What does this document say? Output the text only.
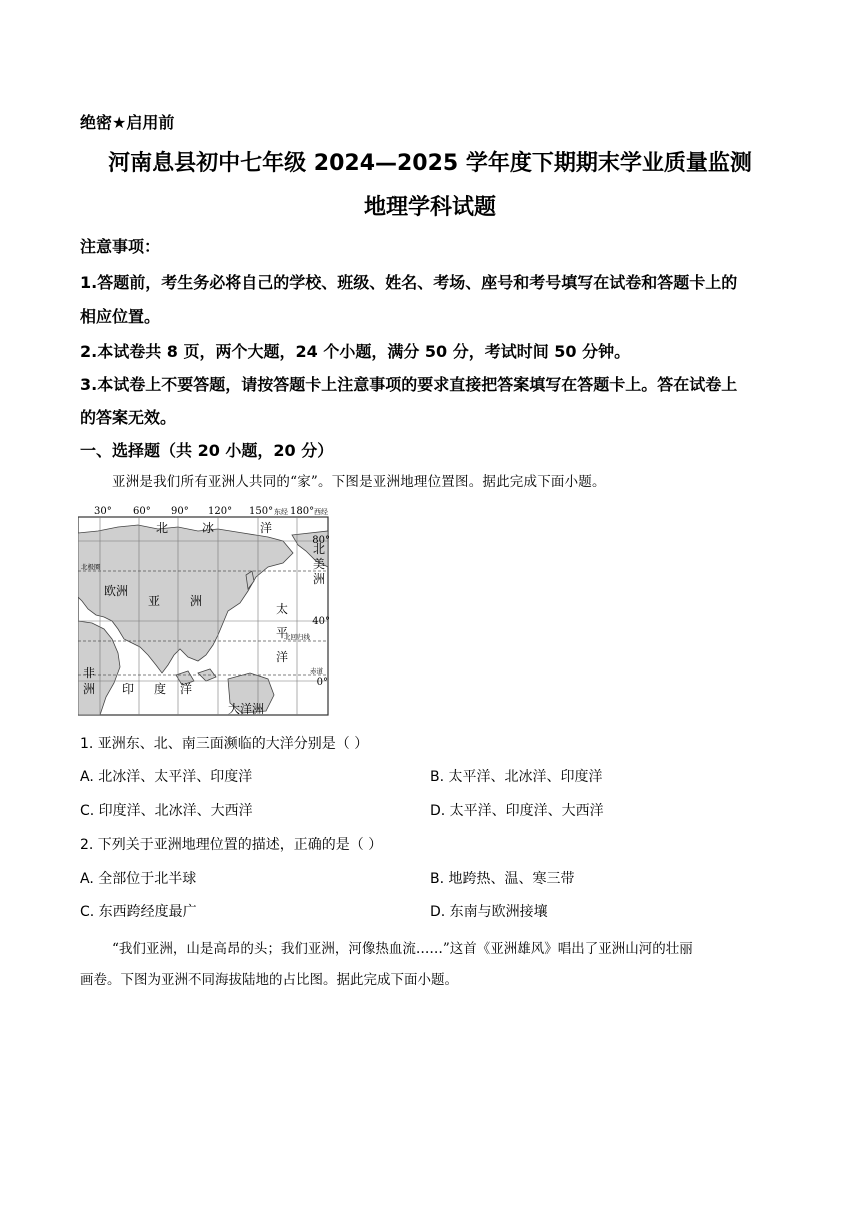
绝密★启用前
河南息县初中七年级 2024—2025 学年度下期期末学业质量监测
地理学科试题
注意事项：
1.答题前，考生务必将自己的学校、班级、姓名、考场、座号和考号填写在试卷和答题卡上的
相应位置。
2.本试卷共 8 页，两个大题，24 个小题，满分 50 分，考试时间 50 分钟。
3.本试卷上不要答题，请按答题卡上注意事项的要求直接把答案填写在答题卡上。答在试卷上
的答案无效。
一、选择题（共 20 小题，20 分）
亚洲是我们所有亚洲人共同的“家”。下图是亚洲地理位置图。据此完成下面小题。
30° 60° 90° 120° 150° 东经 180° 西经
80°
40°
0°
北极圈
北回归线
赤道
北	冰	洋
太
平
洋
印 度 洋
欧洲
亚 洲
北
美
洲
非
洲
大洋洲
1. 亚洲东、北、南三面濒临的大洋分别是（ ）
A. 北冰洋、太平洋、印度洋	B. 太平洋、北冰洋、印度洋
C. 印度洋、北冰洋、大西洋	D. 太平洋、印度洋、大西洋
2. 下列关于亚洲地理位置的描述，正确的是（ ）
A. 全部位于北半球	B. 地跨热、温、寒三带
C. 东西跨经度最广	D. 东南与欧洲接壤
“我们亚洲，山是高昂的头；我们亚洲，河像热血流……”这首《亚洲雄风》唱出了亚洲山河的壮丽
画卷。下图为亚洲不同海拔陆地的占比图。据此完成下面小题。
